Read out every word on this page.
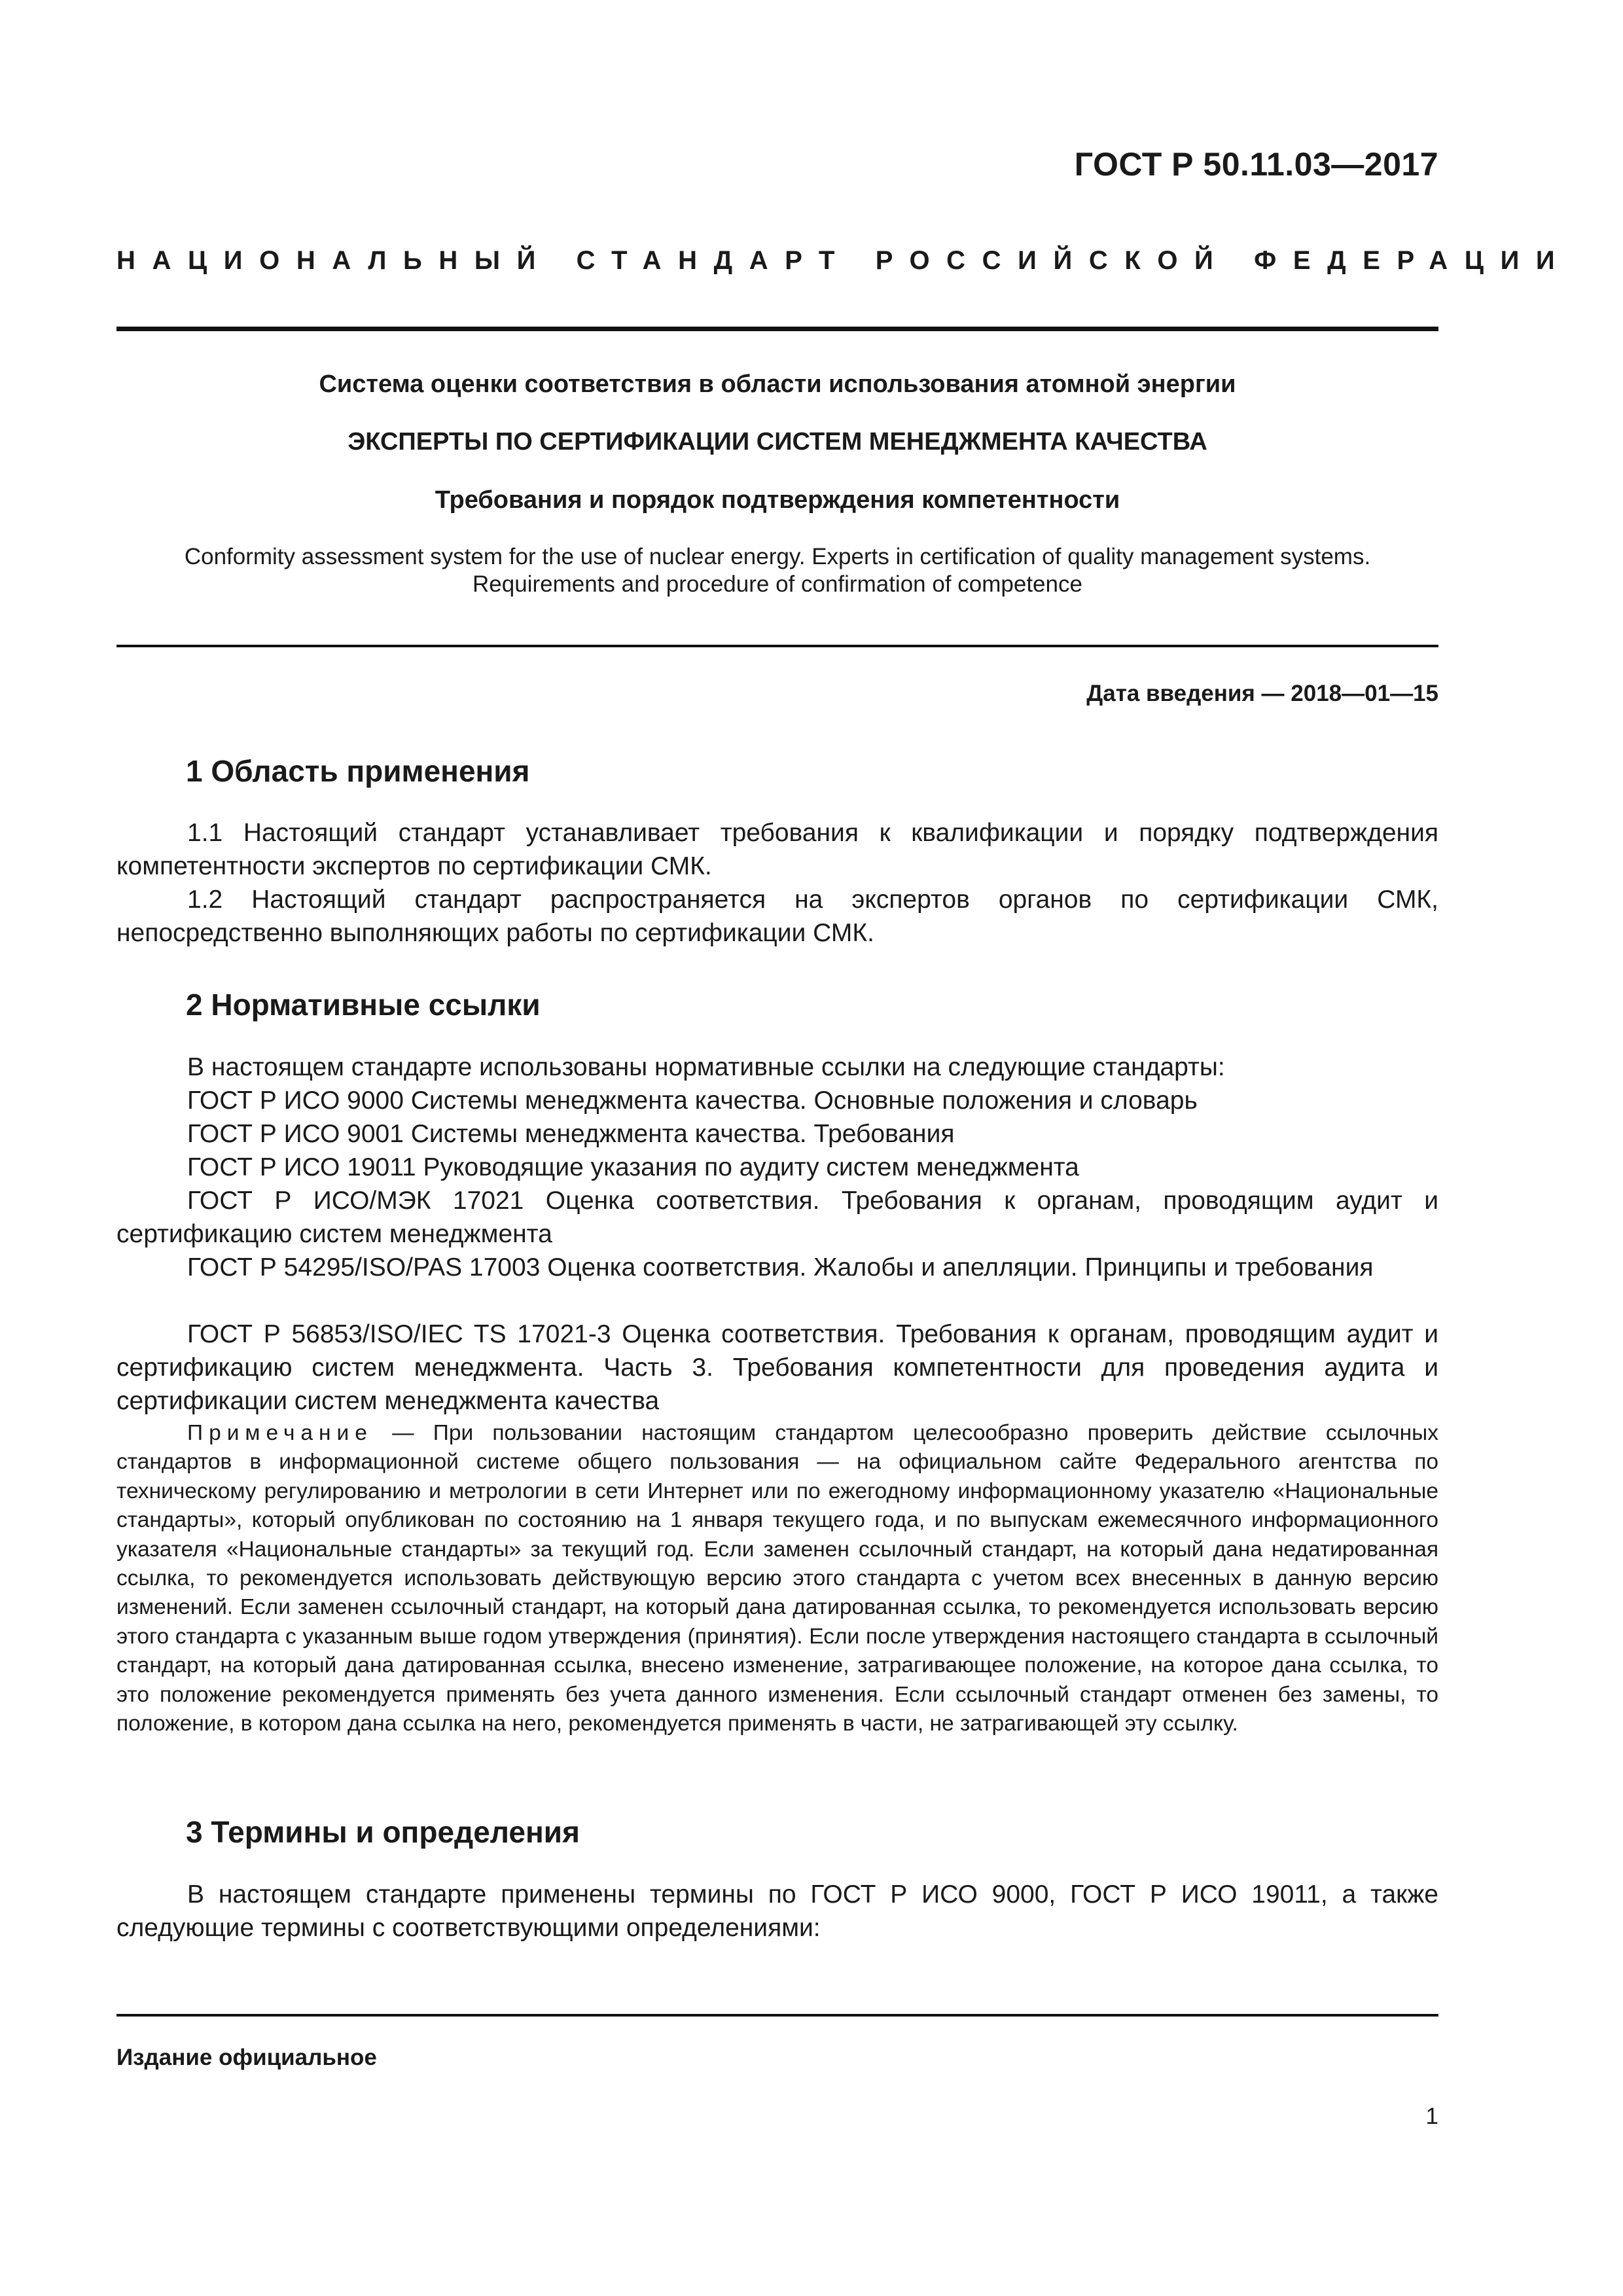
ГОСТ Р 50.11.03—2017
НАЦИОНАЛЬНЫЙ СТАНДАРТ РОССИЙСКОЙ ФЕДЕРАЦИИ
Система оценки соответствия в области использования атомной энергии
ЭКСПЕРТЫ ПО СЕРТИФИКАЦИИ СИСТЕМ МЕНЕДЖМЕНТА КАЧЕСТВА
Требования и порядок подтверждения компетентности
Conformity assessment system for the use of nuclear energy. Experts in certification of quality management systems.
Requirements and procedure of confirmation of competence
Дата введения — 2018—01—15
1 Область применения
1.1 Настоящий стандарт устанавливает требования к квалификации и порядку подтверждения компетентности экспертов по сертификации СМК.
1.2 Настоящий стандарт распространяется на экспертов органов по сертификации СМК, непосредственно выполняющих работы по сертификации СМК.
2 Нормативные ссылки
В настоящем стандарте использованы нормативные ссылки на следующие стандарты:
ГОСТ Р ИСО 9000 Системы менеджмента качества. Основные положения и словарь
ГОСТ Р ИСО 9001 Системы менеджмента качества. Требования
ГОСТ Р ИСО 19011 Руководящие указания по аудиту систем менеджмента
ГОСТ Р ИСО/МЭК 17021 Оценка соответствия. Требования к органам, проводящим аудит и сертификацию систем менеджмента
ГОСТ Р 54295/ISO/PAS 17003 Оценка соответствия. Жалобы и апелляции. Принципы и требования
ГОСТ Р 56853/ISO/IEC TS 17021-3 Оценка соответствия. Требования к органам, проводящим аудит и сертификацию систем менеджмента. Часть 3. Требования компетентности для проведения аудита и сертификации систем менеджмента качества
Примечание — При пользовании настоящим стандартом целесообразно проверить действие ссылочных стандартов в информационной системе общего пользования — на официальном сайте Федерального агентства по техническому регулированию и метрологии в сети Интернет или по ежегодному информационному указателю «Национальные стандарты», который опубликован по состоянию на 1 января текущего года, и по выпускам ежемесячного информационного указателя «Национальные стандарты» за текущий год. Если заменен ссылочный стандарт, на который дана недатированная ссылка, то рекомендуется использовать действующую версию этого стандарта с учетом всех внесенных в данную версию изменений. Если заменен ссылочный стандарт, на который дана датированная ссылка, то рекомендуется использовать версию этого стандарта с указанным выше годом утверждения (принятия). Если после утверждения настоящего стандарта в ссылочный стандарт, на который дана датированная ссылка, внесено изменение, затрагивающее положение, на которое дана ссылка, то это положение рекомендуется применять без учета данного изменения. Если ссылочный стандарт отменен без замены, то положение, в котором дана ссылка на него, рекомендуется применять в части, не затрагивающей эту ссылку.
3 Термины и определения
В настоящем стандарте применены термины по ГОСТ Р ИСО 9000, ГОСТ Р ИСО 19011, а также следующие термины с соответствующими определениями:
Издание официальное
1
